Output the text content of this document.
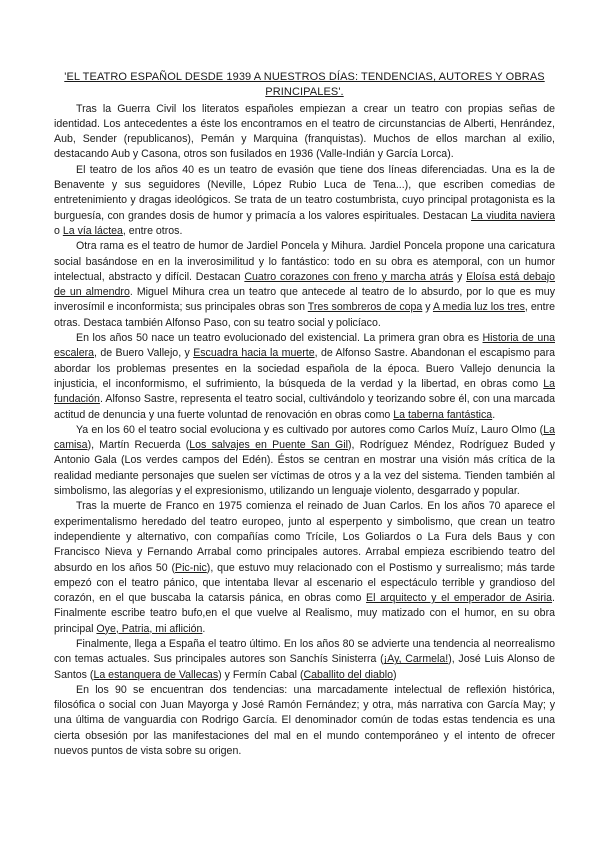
'EL TEATRO ESPAÑOL DESDE 1939 A NUESTROS DÍAS: TENDENCIAS, AUTORES Y OBRAS PRINCIPALES'.

Tras la Guerra Civil los literatos españoles empiezan a crear un teatro con propias señas de identidad. Los antecedentes a éste los encontramos en el teatro de circunstancias de Alberti, Henrández, Aub, Sender (republicanos), Pemán y Marquina (franquistas). Muchos de ellos marchan al exilio, destacando Aub y Casona, otros son fusilados en 1936 (Valle-Indián y García Lorca).

El teatro de los años 40 es un teatro de evasión que tiene dos líneas diferenciadas. Una es la de Benavente y sus seguidores (Neville, López Rubio Luca de Tena...), que escriben comedias de entretenimiento y dragas ideológicos. Se trata de un teatro costumbrista, cuyo principal protagonista es la burguesía, con grandes dosis de humor y primacía a los valores espirituales. Destacan La viudita naviera o La vía láctea, entre otros.

Otra rama es el teatro de humor de Jardiel Poncela y Mihura. Jardiel Poncela propone una caricatura social basándose en en la inverosimilitud y lo fantástico: todo en su obra es atemporal, con un humor intelectual, abstracto y difícil. Destacan Cuatro corazones con freno y marcha atrás y Eloísa está debajo de un almendro. Miguel Mihura crea un teatro que antecede al teatro de lo absurdo, por lo que es muy inverosímil e inconformista; sus principales obras son Tres sombreros de copa y A media luz los tres, entre otras. Destaca también Alfonso Paso, con su teatro social y policíaco.

En los años 50 nace un teatro evolucionado del existencial. La primera gran obra es Historia de una escalera, de Buero Vallejo, y Escuadra hacia la muerte, de Alfonso Sastre. Abandonan el escapismo para abordar los problemas presentes en la sociedad española de la época. Buero Vallejo denuncia la injusticia, el inconformismo, el sufrimiento, la búsqueda de la verdad y la libertad, en obras como La fundación. Alfonso Sastre, representa el teatro social, cultivándolo y teorizando sobre él, con una marcada actitud de denuncia y una fuerte voluntad de renovación en obras como La taberna fantástica.

Ya en los 60 el teatro social evoluciona y es cultivado por autores como Carlos Muíz, Lauro Olmo (La camisa), Martín Recuerda (Los salvajes en Puente San Gil), Rodríguez Méndez, Rodríguez Buded y Antonio Gala (Los verdes campos del Edén). Éstos se centran en mostrar una visión más crítica de la realidad mediante personajes que suelen ser víctimas de otros y a la vez del sistema. Tienden también al simbolismo, las alegorías y el expresionismo, utilizando un lenguaje violento, desgarrado y popular.

Tras la muerte de Franco en 1975 comienza el reinado de Juan Carlos. En los años 70 aparece el experimentalismo heredado del teatro europeo, junto al esperpento y simbolismo, que crean un teatro independiente y alternativo, con compañías como Trícile, Los Goliardos o La Fura dels Baus y con Francisco Nieva y Fernando Arrabal como principales autores. Arrabal empieza escribiendo teatro del absurdo en los años 50 (Pic-nic), que estuvo muy relacionado con el Postismo y surrealismo; más tarde empezó con el teatro pánico, que intentaba llevar al escenario el espectáculo terrible y grandioso del corazón, en el que buscaba la catarsis pánica, en obras como El arquitecto y el emperador de Asiria. Finalmente escribe teatro bufo,en el que vuelve al Realismo, muy matizado con el humor, en su obra principal Oye, Patria, mi aflición.

Finalmente, llega a España el teatro último. En los años 80 se advierte una tendencia al neorrealismo con temas actuales. Sus principales autores son Sanchís Sinisterra (¡Ay, Carmela!), José Luis Alonso de Santos (La estanquera de Vallecas) y Fermín Cabal (Caballito del diablo)

En los 90 se encuentran dos tendencias: una marcadamente intelectual de reflexión histórica, filosófica o social con Juan Mayorga y José Ramón Fernández; y otra, más narrativa con García May; y una última de vanguardia con Rodrigo García. El denominador común de todas estas tendencia es una cierta obsesión por las manifestaciones del mal en el mundo contemporáneo y el intento de ofrecer nuevos puntos de vista sobre su origen.
